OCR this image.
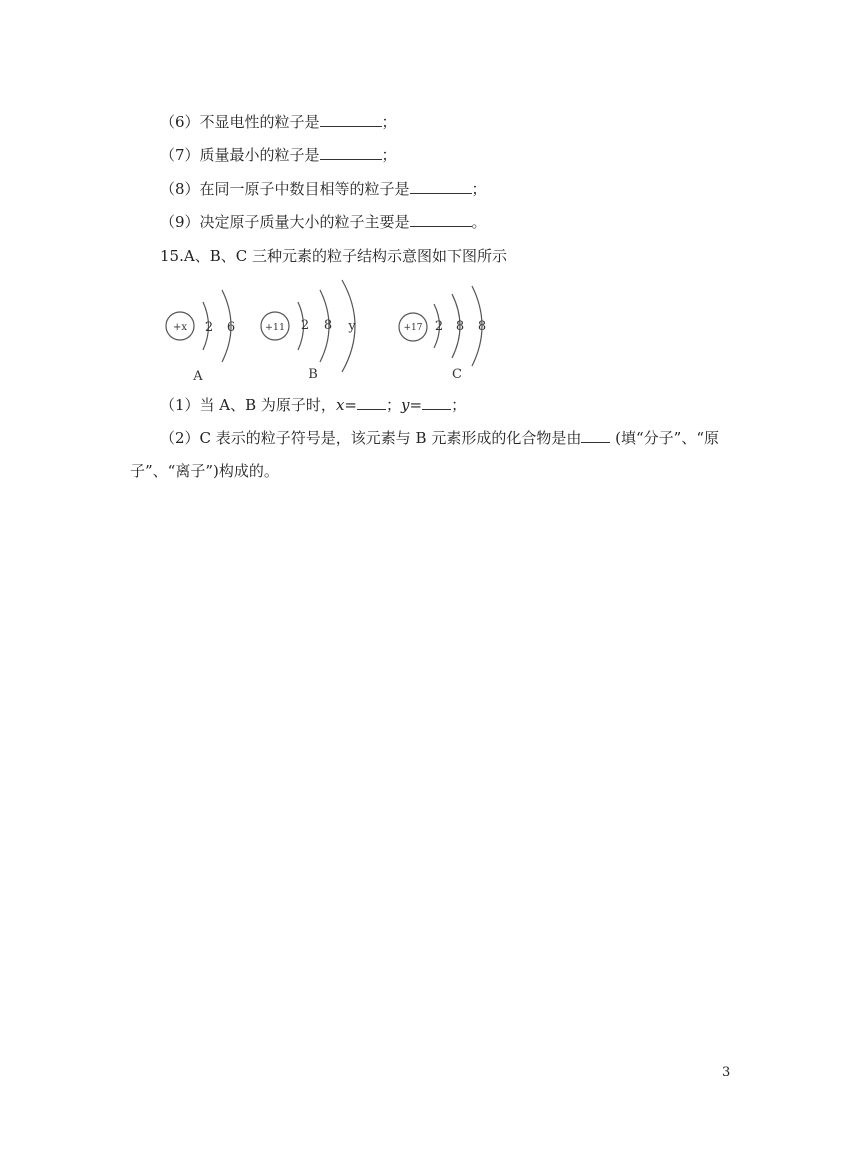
（6）不显电性的粒子是	；
（7）质量最小的粒子是	；
（8）在同一原子中数目相等的粒子是	；
（9）决定原子质量大小的粒子主要是	。
15.A、B、C 三种元素的粒子结构示意图如下图所示
+x 2 6
A
+11 2 8 y
B
+17 2 8 8
C
（1）当 A、B 为原子时，x= ；y= ；
（2）C 表示的粒子符号是，该元素与 B 元素形成的化合物是由 (填“分子”、“原
子”、“离子”)构成的。
3
